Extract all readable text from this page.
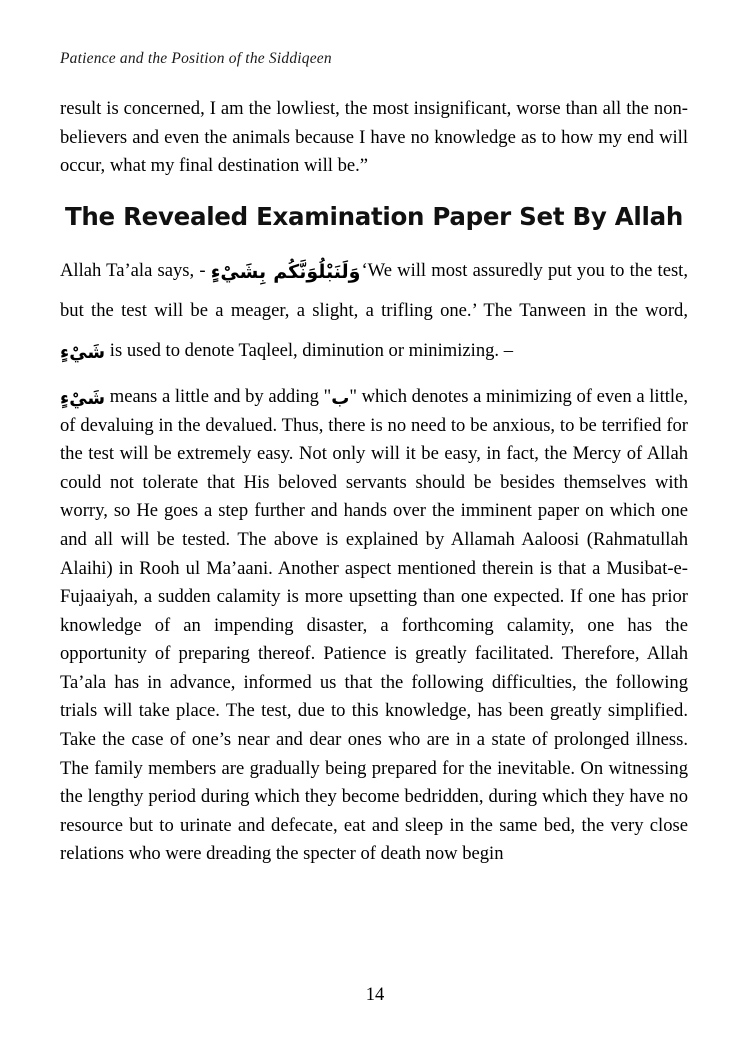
Patience and the Position of the Siddiqeen

result is concerned, I am the lowliest, the most insignificant, worse than all the non-believers and even the animals because I have no knowledge as to how my end will occur, what my final destination will be.”

The Revealed Examination Paper Set By Allah

Allah Ta’ala says, - وَلَنَبْلُوَنَّكُم بِشَيْءٍ‘We will most assuredly put you to the test, but the test will be a meager, a slight, a trifling one.’ The Tanween in the word, شَيْءٍ is used to denote Taqleel, diminution or minimizing. –

شَيْءٍ means a little and by adding "ب" which denotes a minimizing of even a little, of devaluing in the devalued. Thus, there is no need to be anxious, to be terrified for the test will be extremely easy. Not only will it be easy, in fact, the Mercy of Allah could not tolerate that His beloved servants should be besides themselves with worry, so He goes a step further and hands over the imminent paper on which one and all will be tested. The above is explained by Allamah Aaloosi (Rahmatullah Alaihi) in Rooh ul Ma’aani. Another aspect mentioned therein is that a Musibat-e-Fujaaiyah, a sudden calamity is more upsetting than one expected. If one has prior knowledge of an impending disaster, a forthcoming calamity, one has the opportunity of preparing thereof. Patience is greatly facilitated. Therefore, Allah Ta’ala has in advance, informed us that the following difficulties, the following trials will take place. The test, due to this knowledge, has been greatly simplified. Take the case of one’s near and dear ones who are in a state of prolonged illness. The family members are gradually being prepared for the inevitable. On witnessing the lengthy period during which they become bedridden, during which they have no resource but to urinate and defecate, eat and sleep in the same bed, the very close relations who were dreading the specter of death now begin

14
